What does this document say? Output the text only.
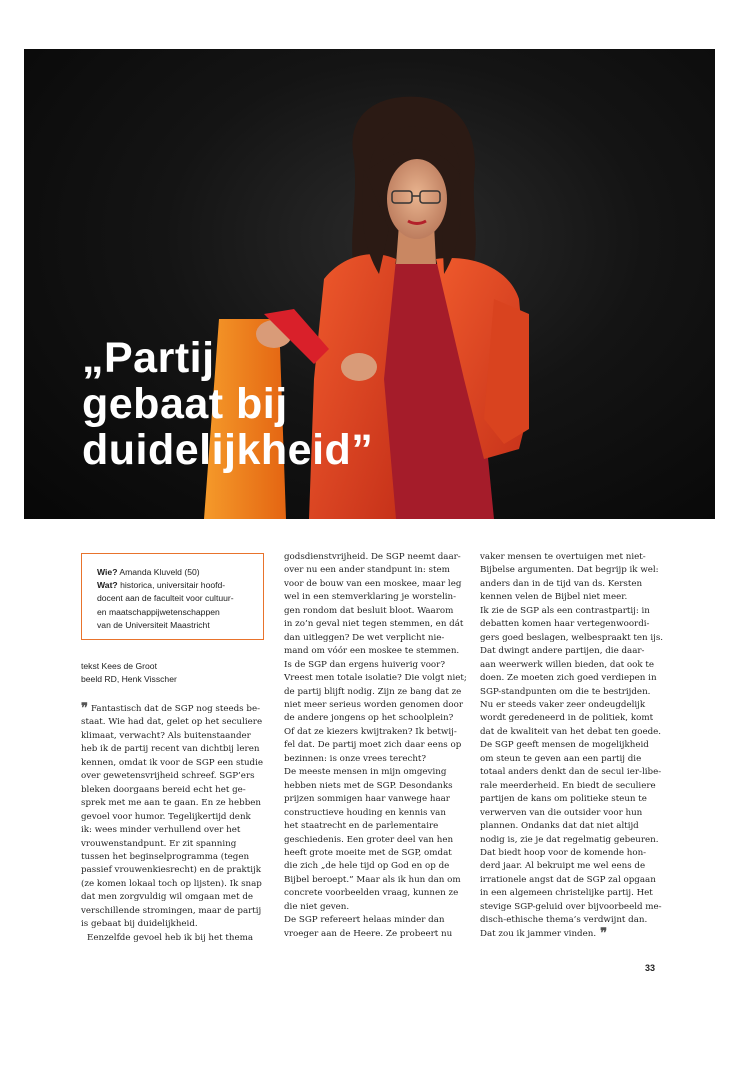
„Partij
gebaat bij
duidelijkheid”
Wie? Amanda Kluveld (50)
Wat? historica, universitair hoofd-
docent aan de faculteit voor cultuur-
en maatschappijwetenschappen
van de Universiteit Maastricht
tekst Kees de Groot
beeld RD, Henk Visscher

❞ Fantastisch dat de SGP nog steeds be-

staat. Wie had dat, gelet op het seculiere
klimaat, verwacht? Als buitenstaander
heb ik de partij recent van dichtbij leren
kennen, omdat ik voor de SGP een studie
over gewetensvrijheid schreef. SGP’ers
bleken doorgaans bereid echt het ge-
sprek met me aan te gaan. En ze hebben
gevoel voor humor. Tegelijkertijd denk
ik: wees minder verhullend over het
vrouwenstandpunt. Er zit spanning
tussen het beginselprogramma (tegen
passief vrouwenkiesrecht) en de praktijk
(ze komen lokaal toch op lijsten). Ik snap
dat men zorgvuldig wil omgaan met de
verschillende stromingen, maar de partij
is gebaat bij duidelijkheid.

Eenzelfde gevoel heb ik bij het thema

godsdienstvrijheid. De SGP neemt daar-
over nu een ander standpunt in: stem
voor de bouw van een moskee, maar leg
wel in een stemverklaring je worstelin-
gen rondom dat besluit bloot. Waarom
in zo’n geval niet tegen stemmen, en dát
dan uitleggen? De wet verplicht nie-
mand om vóór een moskee te stemmen.

Is de SGP dan ergens huiverig voor?
Vreest men totale isolatie? Die volgt niet;
de partij blijft nodig. Zijn ze bang dat ze
niet meer serieus worden genomen door
de andere jongens op het schoolplein?
Of dat ze kiezers kwijtraken? Ik betwij-
fel dat. De partij moet zich daar eens op
bezinnen: is onze vrees terecht?

De meeste mensen in mijn omgeving
hebben niets met de SGP. Desondanks
prijzen sommigen haar vanwege haar
constructieve houding en kennis van
het staatrecht en de parlementaire
geschiedenis. Een groter deel van hen
heeft grote moeite met de SGP, omdat
die zich „de hele tijd op God en op de
Bijbel beroept.” Maar als ik hun dan om
concrete voorbeelden vraag, kunnen ze
die niet geven.

De SGP refereert helaas minder dan
vroeger aan de Heere. Ze probeert nu

vaker mensen te overtuigen met niet-
Bijbelse argumenten. Dat begrijp ik wel:
anders dan in de tijd van ds. Kersten
kennen velen de Bijbel niet meer.

Ik zie de SGP als een contrastpartij: in
debatten komen haar vertegenwoordi-
gers goed beslagen, welbespraakt ten ijs.
Dat dwingt andere partijen, die daar-
aan weerwerk willen bieden, dat ook te
doen. Ze moeten zich goed verdiepen in
SGP-standpunten om die te bestrijden.
Nu er steeds vaker zeer ondeugdelijk
wordt geredeneerd in de politiek, komt
dat de kwaliteit van het debat ten goede.

De SGP geeft mensen de mogelijkheid
om steun te geven aan een partij die
totaal anders denkt dan de secul ier-libe-
rale meerderheid. En biedt de seculiere
partijen de kans om politieke steun te
verwerven van die outsider voor hun
plannen. Ondanks dat dat niet altijd
nodig is, zie je dat regelmatig gebeuren.
Dat biedt hoop voor de komende hon-
derd jaar. Al bekruipt me wel eens de
irrationele angst dat de SGP zal opgaan
in een algemeen christelijke partij. Het
stevige SGP-geluid over bijvoorbeeld me-
disch-ethische thema’s verdwijnt dan.
Dat zou ik jammer vinden. ❞

33
